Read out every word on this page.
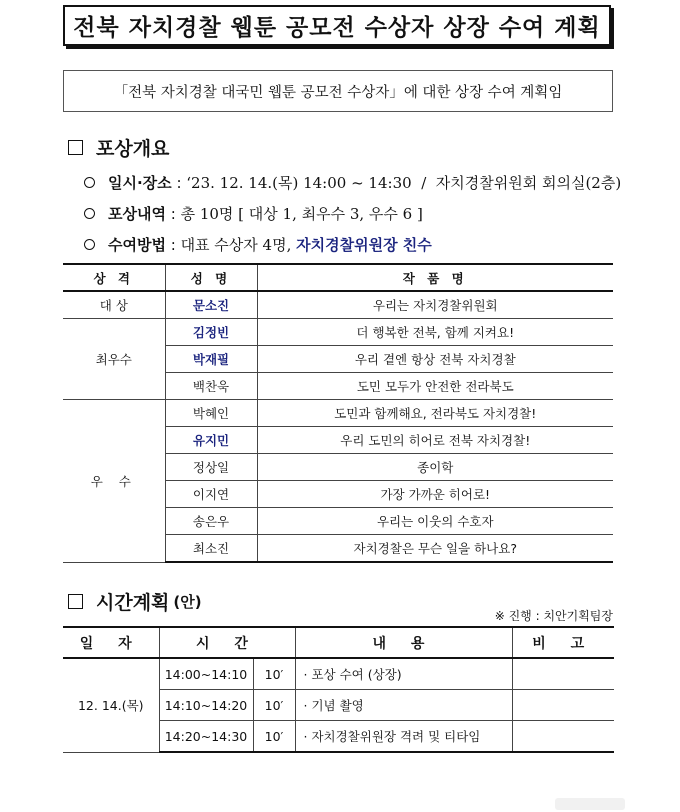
전북 자치경찰 웹툰 공모전 수상자 상장 수여 계획
「전북 자치경찰 대국민 웹툰 공모전 수상자」에 대한 상장 수여 계획임
포상개요
일시·장소 : ‘23. 12. 14.(목) 14:00 ~ 14:30  /  자치경찰위원회 회의실(2층)
포상내역 : 총 10명 [ 대상 1, 최우수 3, 우수 6 ]
수여방법 : 대표 수상자 4명, 자치경찰위원장 친수
상 격	성 명	작 품 명
대 상	문소진	우리는 자치경찰위원회
최우수	김정빈	더 행복한 전북, 함께 지켜요!
	박재필	우리 곁엔 항상 전북 자치경찰
	백찬욱	도민 모두가 안전한 전라북도
우 수	박혜인	도민과 함께해요, 전라북도 자치경찰!
	유지민	우리 도민의 히어로 전북 자치경찰!
	정상일	종이학
	이지연	가장 가까운 히어로!
	송은우	우리는 이웃의 수호자
	최소진	자치경찰은 무슨 일을 하나요?
시간계획 (안)
※ 진행 : 치안기획팀장
일 자	시 간		내 용	비 고
12. 14.(목)	14:00~14:10	10′	· 포상 수여 (상장)	
	14:10~14:20	10′	· 기념 촬영	
	14:20~14:30	10′	· 자치경찰위원장 격려 및 티타임	
